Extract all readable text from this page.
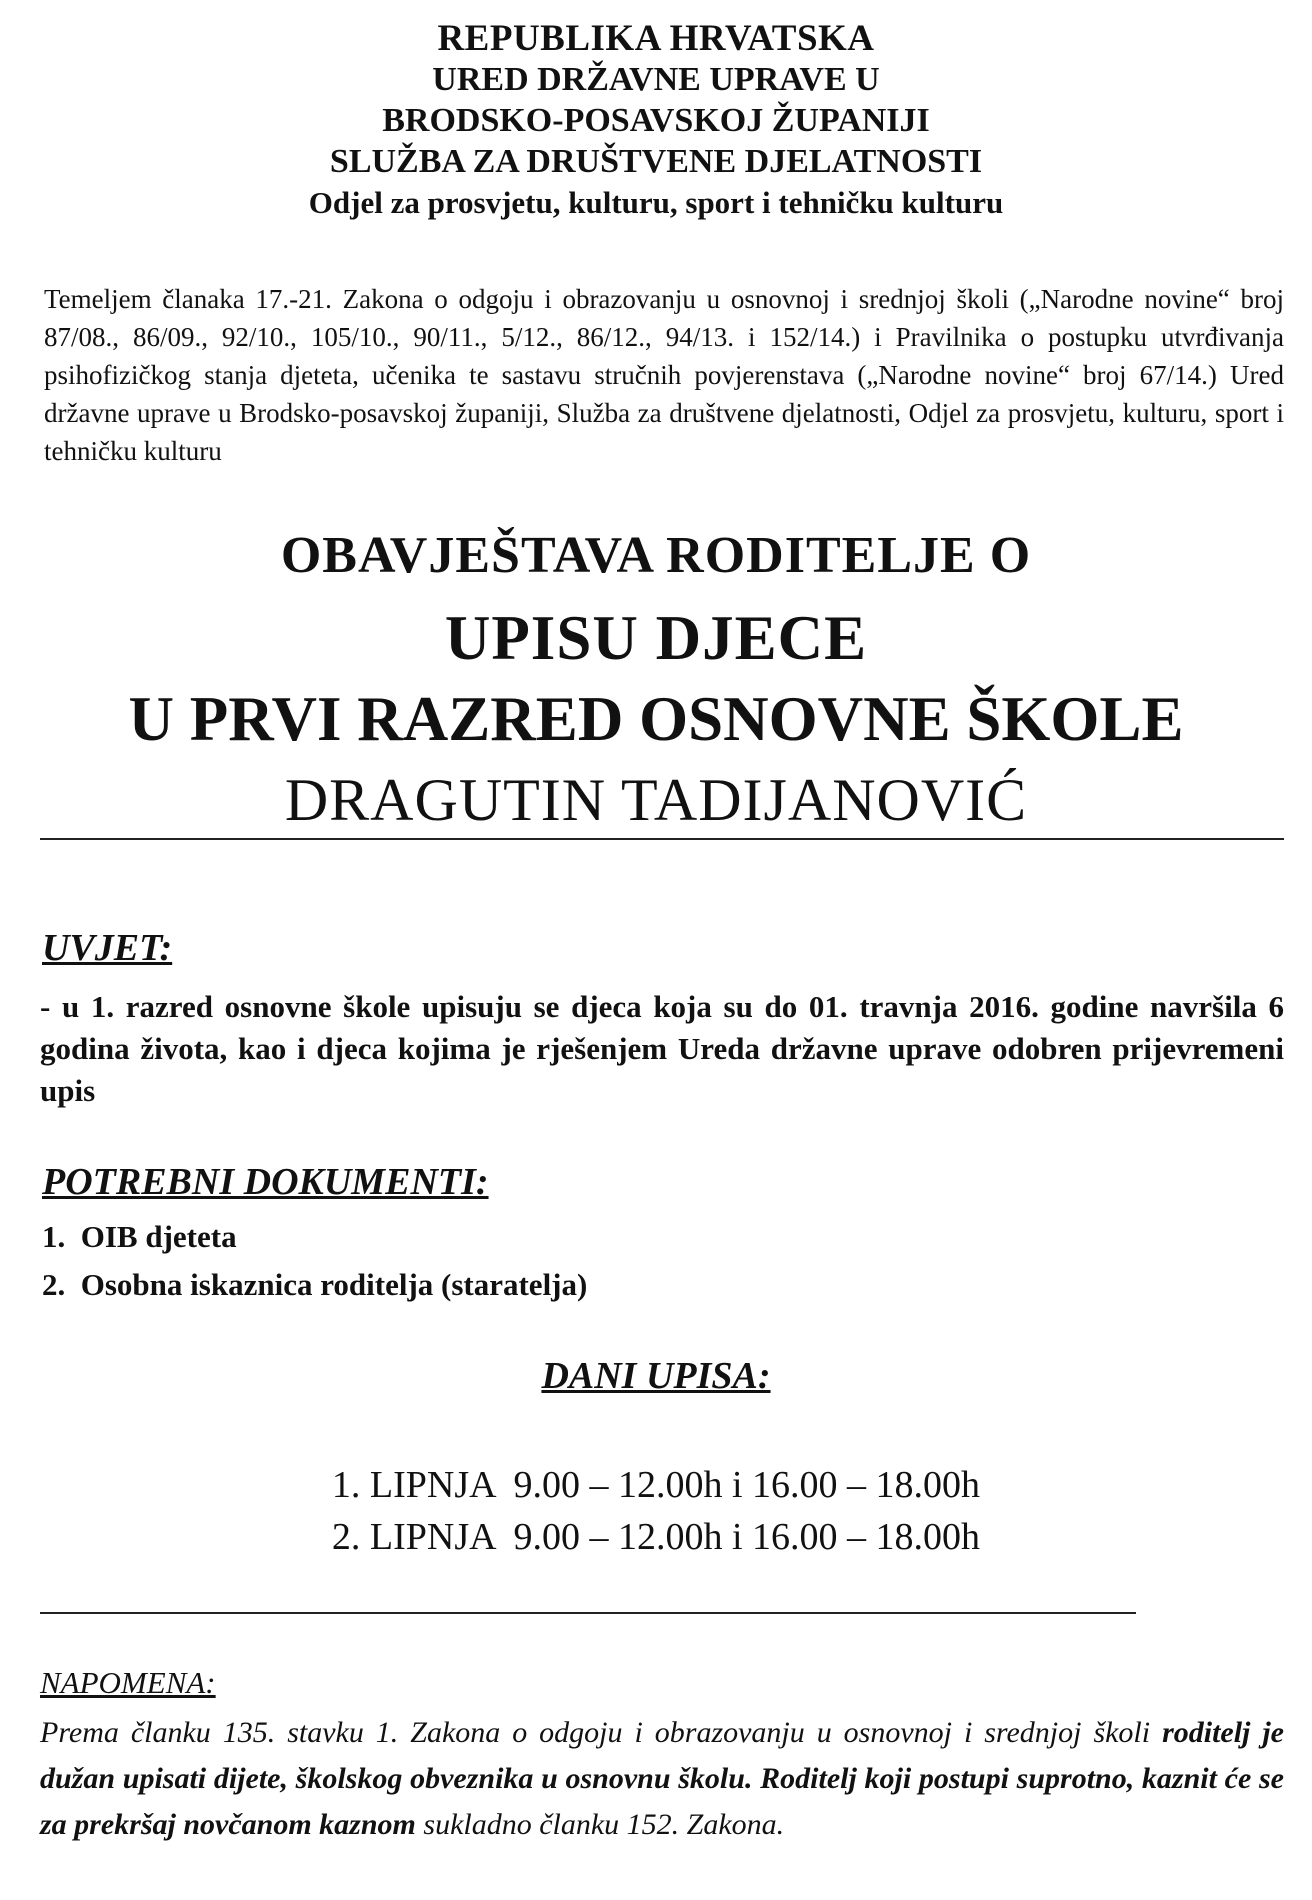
REPUBLIKA HRVATSKA
URED DRŽAVNE UPRAVE U
BRODSKO-POSAVSKOJ ŽUPANIJI
SLUŽBA ZA DRUŠTVENE DJELATNOSTI
Odjel za prosvjetu, kulturu, sport i tehničku kulturu
Temeljem članaka 17.-21. Zakona o odgoju i obrazovanju u osnovnoj i srednjoj školi („Narodne novine“ broj 87/08., 86/09., 92/10., 105/10., 90/11., 5/12., 86/12., 94/13. i 152/14.) i Pravilnika o postupku utvrđivanja psihofizičkog stanja djeteta, učenika te sastavu stručnih povjerenstava („Narodne novine“ broj 67/14.) Ured državne uprave u Brodsko-posavskoj županiji, Služba za društvene djelatnosti, Odjel za prosvjetu, kulturu, sport i tehničku kulturu
OBAVJEŠTAVA RODITELJE O
UPISU DJECE
U PRVI RAZRED OSNOVNE ŠKOLE
DRAGUTIN TADIJANOVIĆ
UVJET:
- u 1. razred osnovne škole upisuju se djeca koja su do 01. travnja 2016. godine navršila 6 godina života, kao i djeca kojima je rješenjem Ureda državne uprave odobren prijevremeni upis
POTREBNI DOKUMENTI:
1.  OIB djeteta
2.  Osobna iskaznica roditelja (staratelja)
DANI UPISA:
1. LIPNJA  9.00 – 12.00h i 16.00 – 18.00h
2. LIPNJA  9.00 – 12.00h i 16.00 – 18.00h
NAPOMENA:
Prema članku 135. stavku 1. Zakona o odgoju i obrazovanju u osnovnoj i srednjoj školi roditelj je dužan upisati dijete, školskog obveznika u osnovnu školu. Roditelj koji postupi suprotno, kaznit će se za prekršaj novčanom kaznom sukladno članku 152. Zakona.
